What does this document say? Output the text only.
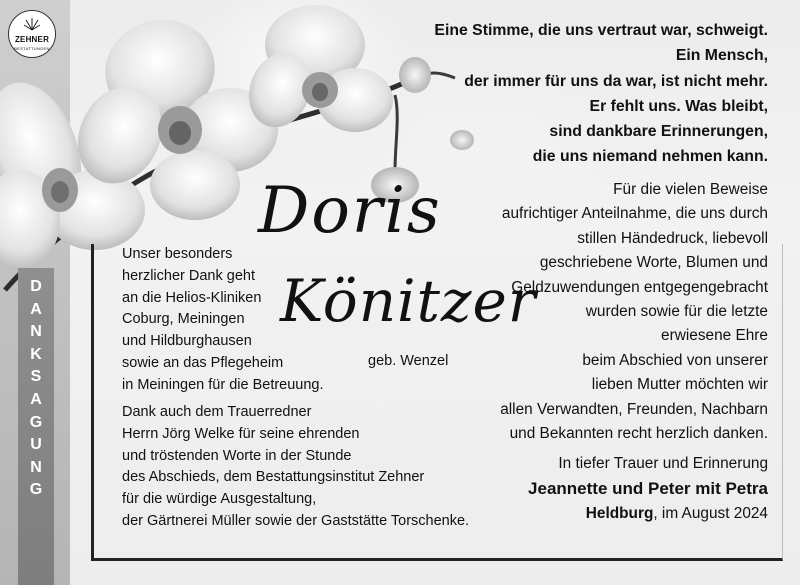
ZEHNER
BESTATTUNGEN
D
A
N
K
S
A
G
U
N
G
Eine Stimme, die uns vertraut war, schweigt.
Ein Mensch,
der immer für uns da war, ist nicht mehr.
Er fehlt uns. Was bleibt,
sind dankbare Erinnerungen,
die uns niemand nehmen kann.
Für die vielen Beweise
aufrichtiger Anteilnahme, die uns durch
stillen Händedruck, liebevoll
geschriebene Worte, Blumen und
Geldzuwendungen entgegengebracht
wurden sowie für die letzte
erwiesene Ehre
beim Abschied von unserer
lieben Mutter möchten wir
allen Verwandten, Freunden, Nachbarn
und Bekannten recht herzlich danken.
In tiefer Trauer und Erinnerung
Jeannette und Peter mit Petra
Heldburg, im August 2024
Doris
Könitzer
geb. Wenzel
Unser besonders
herzlicher Dank geht
an die Helios-Kliniken
Coburg, Meiningen
und Hildburghausen
sowie an das Pflegeheim
in Meiningen für die Betreuung.
Dank auch dem Trauerredner
Herrn Jörg Welke für seine ehrenden
und tröstenden Worte in der Stunde
des Abschieds, dem Bestattungsinstitut Zehner
für die würdige Ausgestaltung,
der Gärtnerei Müller sowie der Gaststätte Torschenke.
